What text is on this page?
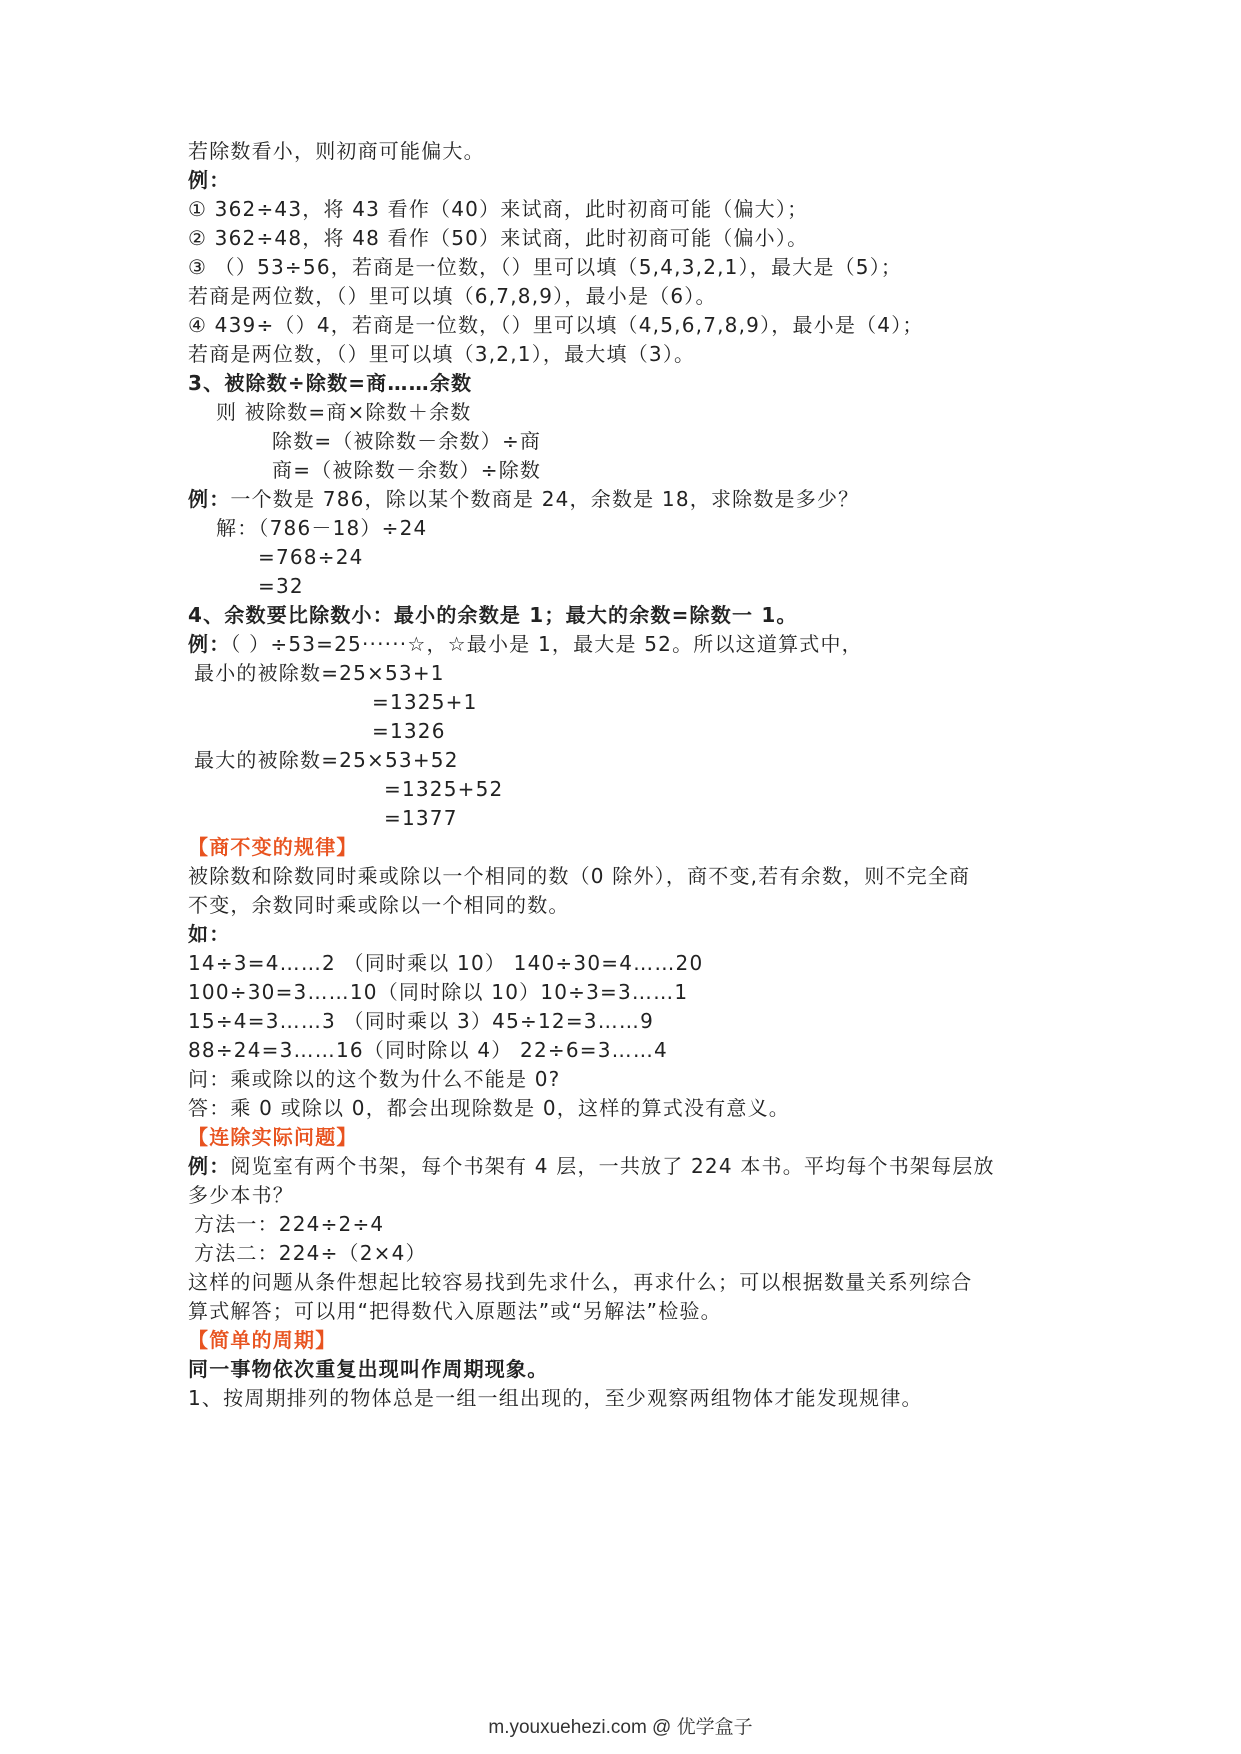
若除数看小，则初商可能偏大。
例：
① 362÷43，将 43 看作（40）来试商，此时初商可能（偏大）；
② 362÷48，将 48 看作（50）来试商，此时初商可能（偏小）。
③ （）53÷56，若商是一位数，（）里可以填（5,4,3,2,1），最大是（5）；
若商是两位数，（）里可以填（6,7,8,9），最小是（6）。
④ 439÷（）4，若商是一位数，（）里可以填（4,5,6,7,8,9），最小是（4）；
若商是两位数，（）里可以填（3,2,1），最大填（3）。
3、被除数÷除数=商……余数
则 被除数=商×除数＋余数
除数=（被除数－余数）÷商
商=（被除数－余数）÷除数
例：一个数是 786，除以某个数商是 24，余数是 18，求除数是多少？
解：（786－18）÷24
=768÷24
=32
4、余数要比除数小：最小的余数是 1；最大的余数=除数一 1。
例：（ ）÷53=25······☆，☆最小是 1，最大是 52。所以这道算式中，
最小的被除数=25×53+1
=1325+1
=1326
最大的被除数=25×53+52
=1325+52
=1377
【商不变的规律】
被除数和除数同时乘或除以一个相同的数（0 除外），商不变,若有余数，则不完全商
不变，余数同时乘或除以一个相同的数。
如：
14÷3=4……2 （同时乘以 10） 140÷30=4……20
100÷30=3……10（同时除以 10）10÷3=3……1
15÷4=3……3 （同时乘以 3）45÷12=3……9
88÷24=3……16（同时除以 4） 22÷6=3……4
问：乘或除以的这个数为什么不能是 0?
答：乘 0 或除以 0，都会出现除数是 0，这样的算式没有意义。
【连除实际问题】
例：阅览室有两个书架，每个书架有 4 层，一共放了 224 本书。平均每个书架每层放
多少本书？
方法一：224÷2÷4
方法二：224÷（2×4）
这样的问题从条件想起比较容易找到先求什么，再求什么；可以根据数量关系列综合
算式解答；可以用“把得数代入原题法”或“另解法”检验。
【简单的周期】
同一事物依次重复出现叫作周期现象。
1、按周期排列的物体总是一组一组出现的，至少观察两组物体才能发现规律。
m.youxuehezi.com @ 优学盒子
